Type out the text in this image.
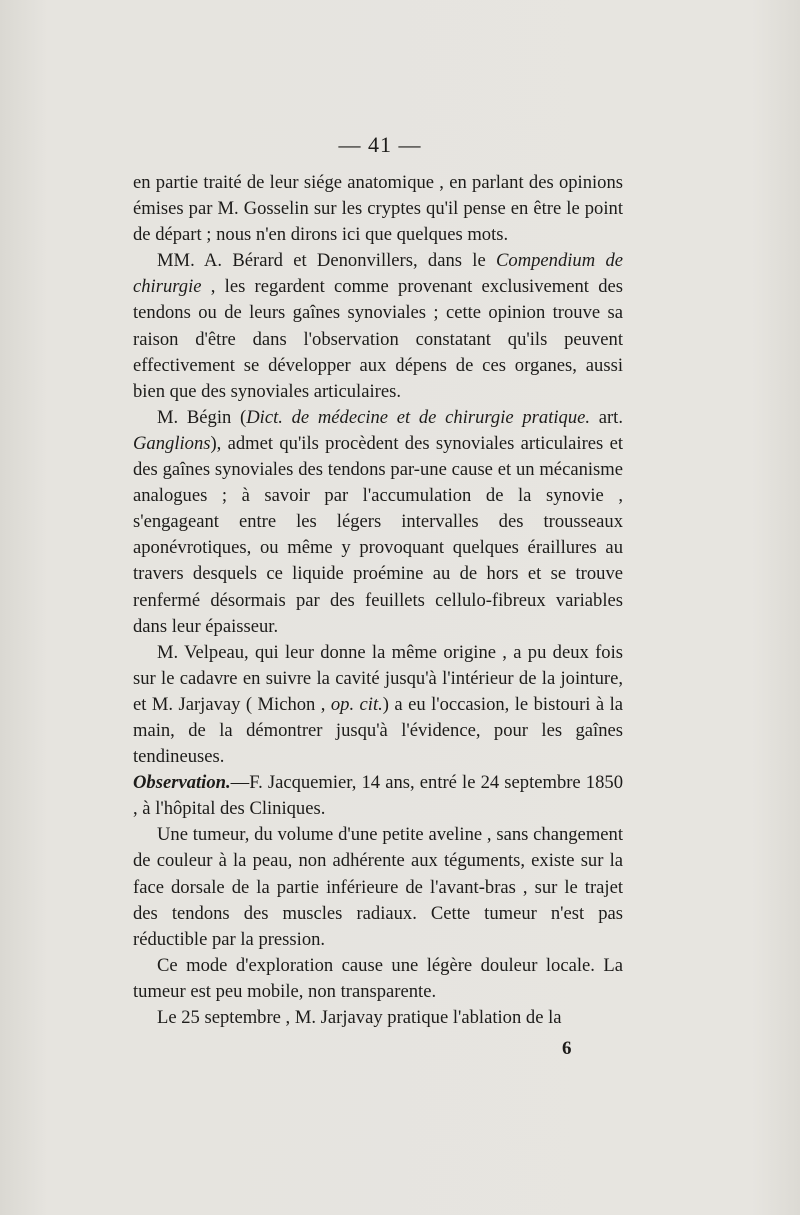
— 41 —

en partie traité de leur siége anatomique , en parlant des opinions émises par M. Gosselin sur les cryptes qu'il pense en être le point de départ ; nous n'en dirons ici que quelques mots.

MM. A. Bérard et Denonvillers, dans le Compendium de chirurgie , les regardent comme provenant exclusivement des tendons ou de leurs gaînes synoviales ; cette opinion trouve sa raison d'être dans l'observation constatant qu'ils peuvent effectivement se développer aux dépens de ces organes, aussi bien que des synoviales articulaires.

M. Bégin (Dict. de médecine et de chirurgie pratique. art. Ganglions), admet qu'ils procèdent des synoviales articulaires et des gaînes synoviales des tendons par-une cause et un mécanisme analogues ; à savoir par l'accumulation de la synovie , s'engageant entre les légers intervalles des trousseaux aponévrotiques, ou même y provoquant quelques éraillures au travers desquels ce liquide proémine au de hors et se trouve renfermé désormais par des feuillets cellulo-fibreux variables dans leur épaisseur.

M. Velpeau, qui leur donne la même origine , a pu deux fois sur le cadavre en suivre la cavité jusqu'à l'intérieur de la jointure, et M. Jarjavay ( Michon , op. cit.) a eu l'occasion, le bistouri à la main, de la démontrer jusqu'à l'évidence, pour les gaînes tendineuses.

Observation.—F. Jacquemier, 14 ans, entré le 24 septembre 1850 , à l'hôpital des Cliniques.

Une tumeur, du volume d'une petite aveline , sans changement de couleur à la peau, non adhérente aux téguments, existe sur la face dorsale de la partie inférieure de l'avant-bras , sur le trajet des tendons des muscles radiaux. Cette tumeur n'est pas réductible par la pression.

Ce mode d'exploration cause une légère douleur locale. La tumeur est peu mobile, non transparente.

Le 25 septembre , M. Jarjavay pratique l'ablation de la

6
